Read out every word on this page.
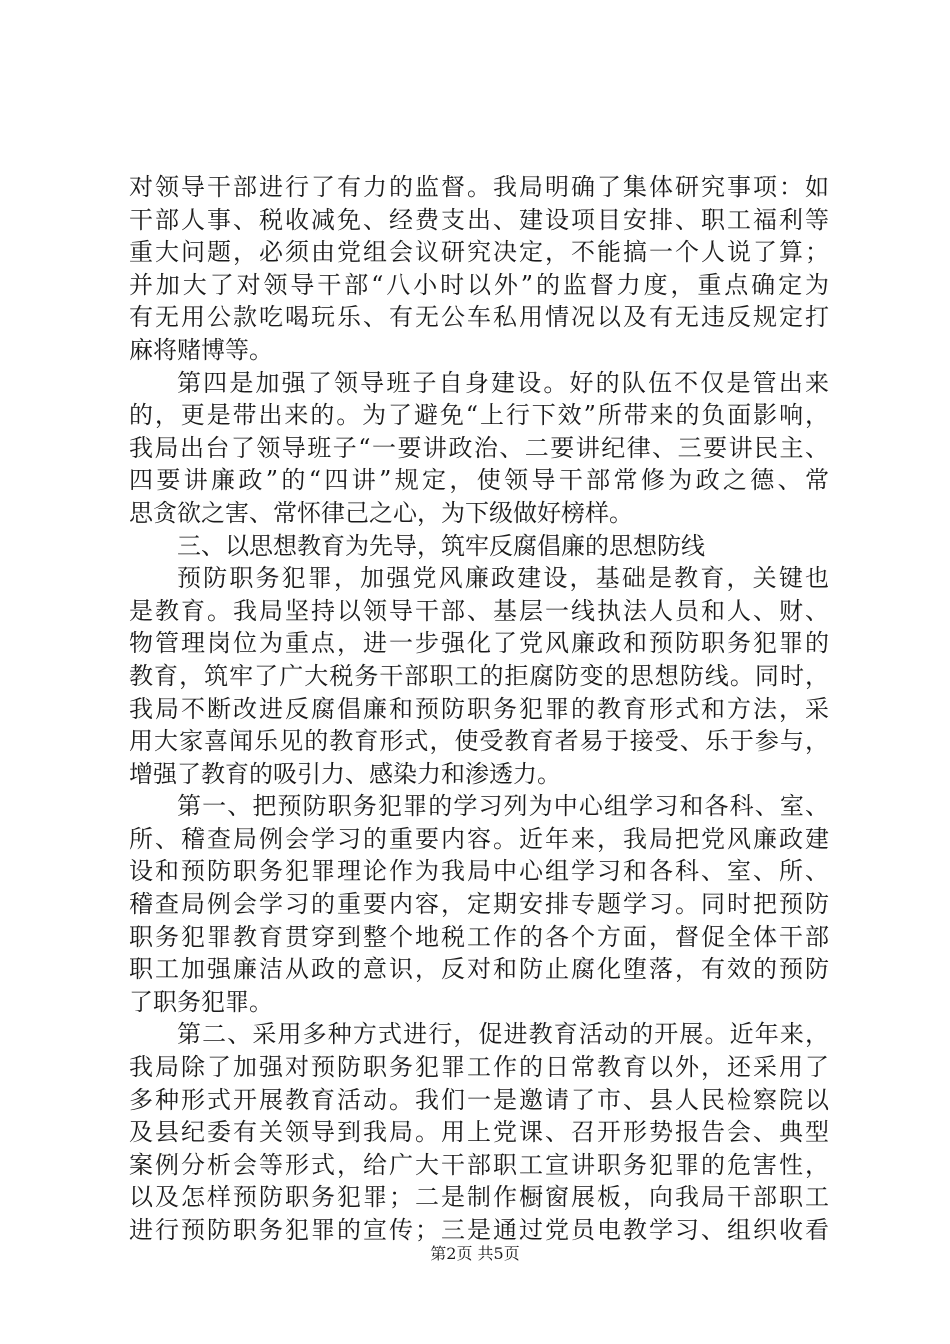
对领导干部进行了有力的监督。我局明确了集体研究事项：如
干部人事、税收减免、经费支出、建设项目安排、职工福利等
重大问题，必须由党组会议研究决定，不能搞一个人说了算；
并加大了对领导干部“八小时以外”的监督力度，重点确定为
有无用公款吃喝玩乐、有无公车私用情况以及有无违反规定打
麻将赌博等。
第四是加强了领导班子自身建设。好的队伍不仅是管出来
的，更是带出来的。为了避免“上行下效”所带来的负面影响，
我局出台了领导班子“一要讲政治、二要讲纪律、三要讲民主、
四要讲廉政”的“四讲”规定，使领导干部常修为政之德、常
思贪欲之害、常怀律己之心，为下级做好榜样。
三、以思想教育为先导，筑牢反腐倡廉的思想防线
预防职务犯罪，加强党风廉政建设，基础是教育，关键也
是教育。我局坚持以领导干部、基层一线执法人员和人、财、
物管理岗位为重点，进一步强化了党风廉政和预防职务犯罪的
教育，筑牢了广大税务干部职工的拒腐防变的思想防线。同时，
我局不断改进反腐倡廉和预防职务犯罪的教育形式和方法，采
用大家喜闻乐见的教育形式，使受教育者易于接受、乐于参与，
增强了教育的吸引力、感染力和渗透力。
第一、把预防职务犯罪的学习列为中心组学习和各科、室、
所、稽查局例会学习的重要内容。近年来，我局把党风廉政建
设和预防职务犯罪理论作为我局中心组学习和各科、室、所、
稽查局例会学习的重要内容，定期安排专题学习。同时把预防
职务犯罪教育贯穿到整个地税工作的各个方面，督促全体干部
职工加强廉洁从政的意识，反对和防止腐化堕落，有效的预防
了职务犯罪。
第二、采用多种方式进行，促进教育活动的开展。近年来，
我局除了加强对预防职务犯罪工作的日常教育以外，还采用了
多种形式开展教育活动。我们一是邀请了市、县人民检察院以
及县纪委有关领导到我局。用上党课、召开形势报告会、典型
案例分析会等形式，给广大干部职工宣讲职务犯罪的危害性，
以及怎样预防职务犯罪；二是制作橱窗展板，向我局干部职工
进行预防职务犯罪的宣传；三是通过党员电教学习、组织收看
第2页 共5页
